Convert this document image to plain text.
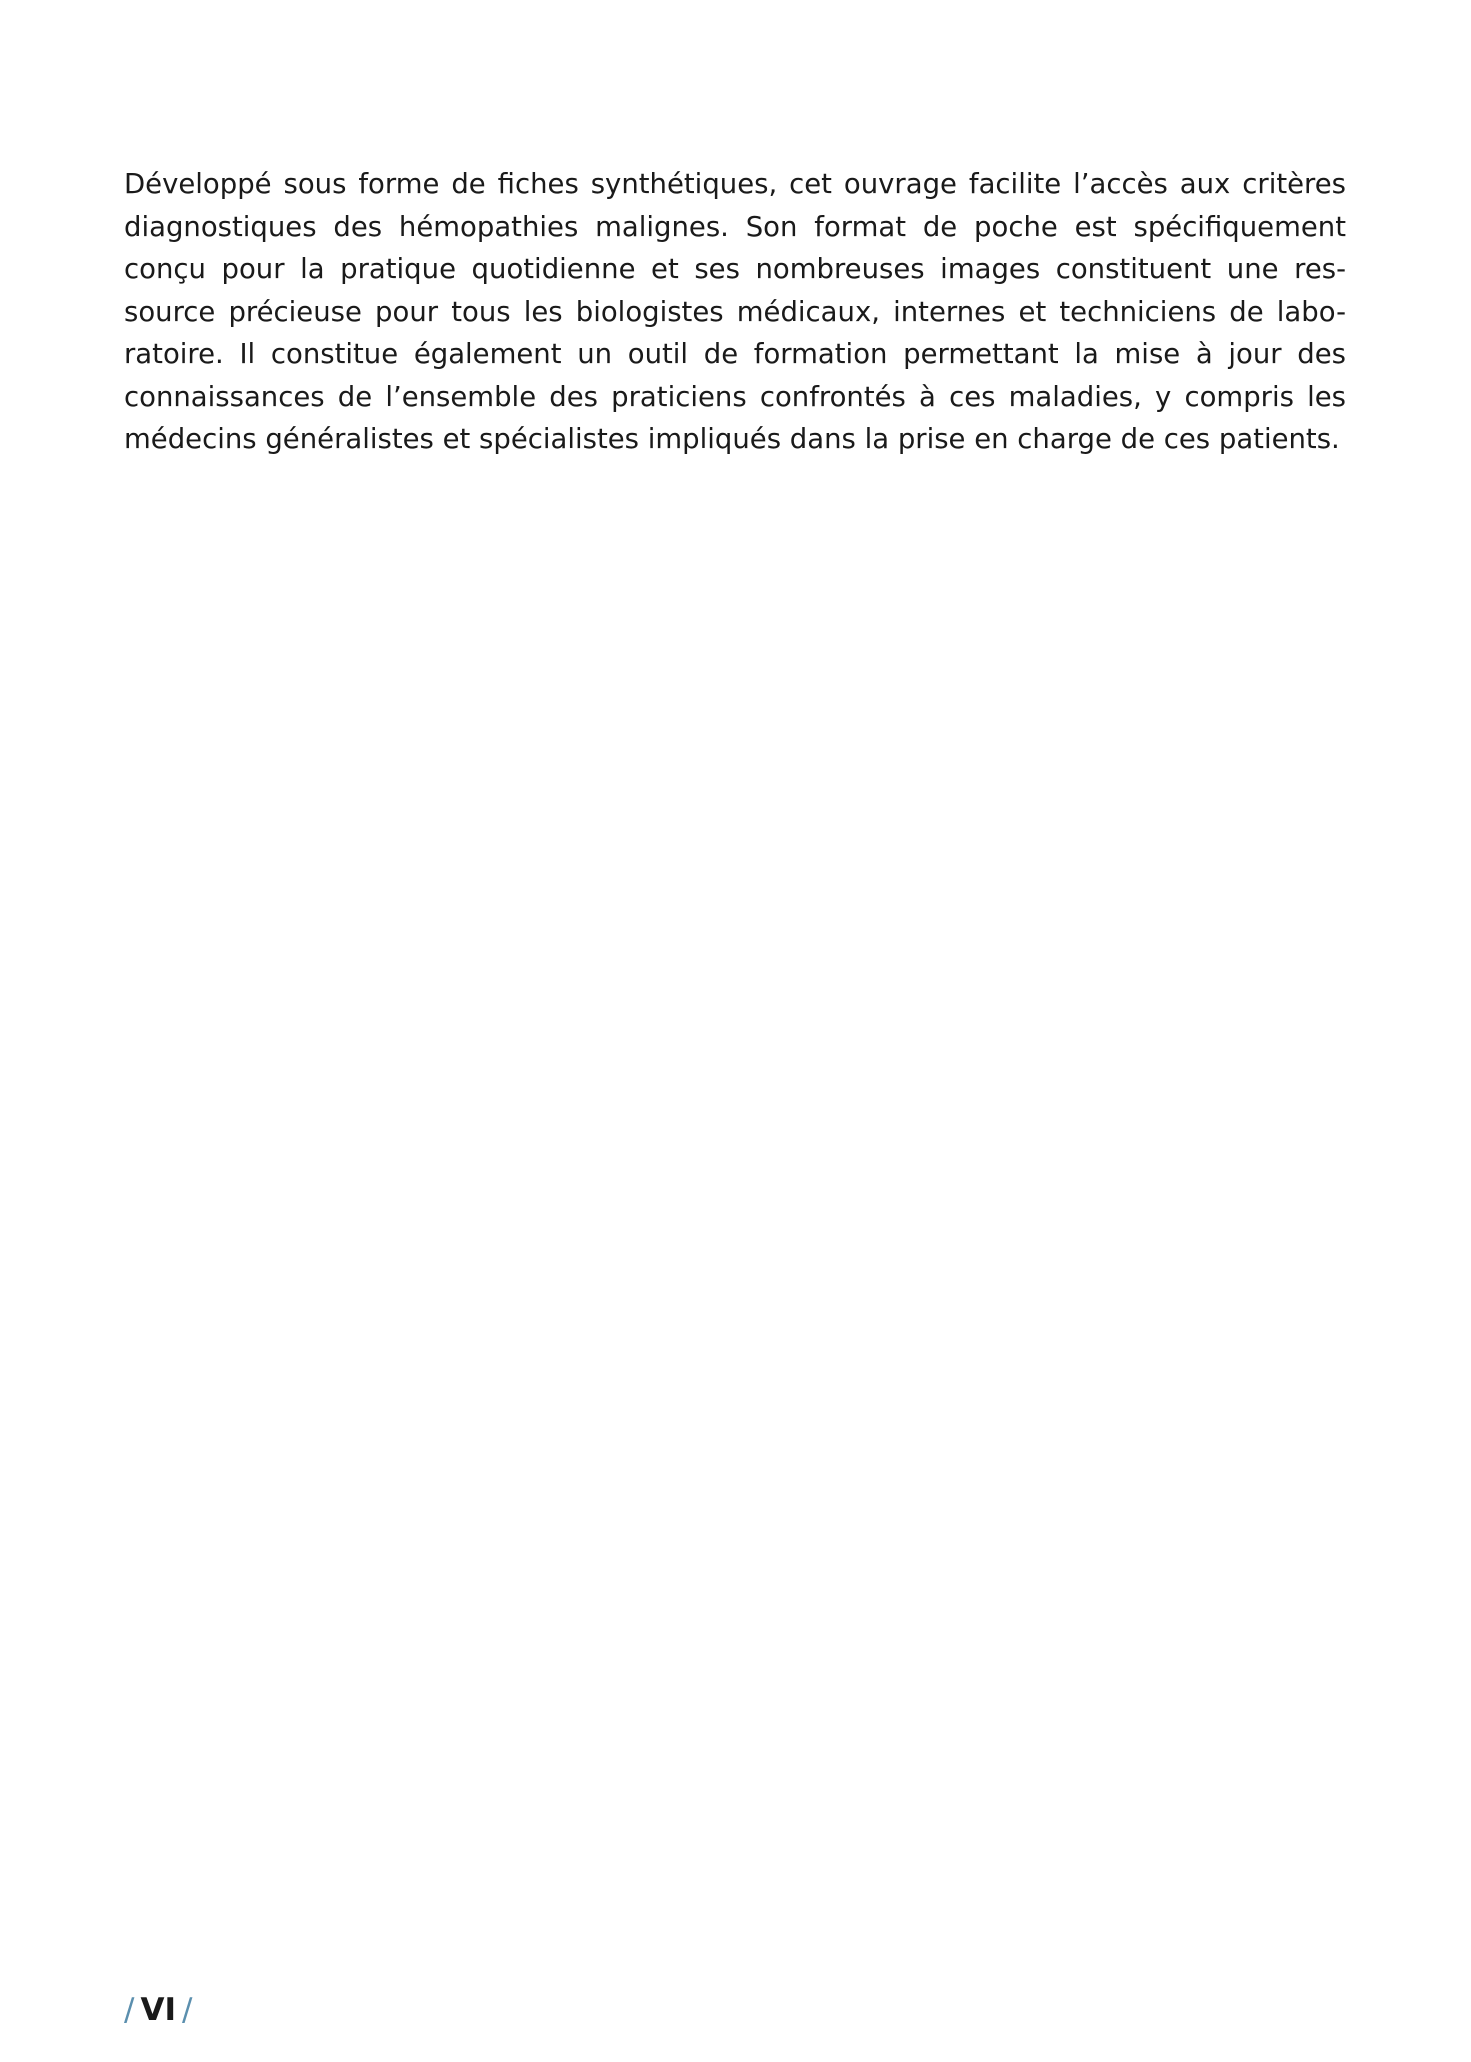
Développé sous forme de fiches synthétiques, cet ouvrage facilite l’accès aux critères
diagnostiques des hémopathies malignes. Son format de poche est spécifiquement
conçu pour la pratique quotidienne et ses nombreuses images constituent une res-
source précieuse pour tous les biologistes médicaux, internes et techniciens de labo-
ratoire. Il constitue également un outil de formation permettant la mise à jour des
connaissances de l’ensemble des praticiens confrontés à ces maladies, y compris les
médecins généralistes et spécialistes impliqués dans la prise en charge de ces patients.

/ VI /
